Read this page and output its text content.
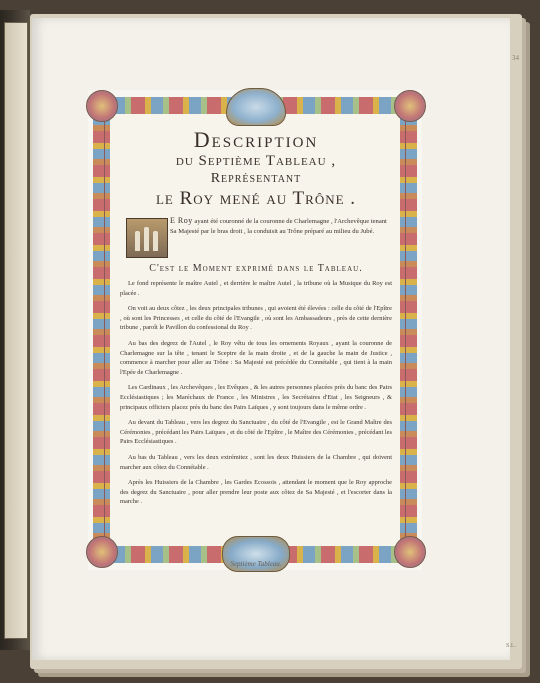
34
S.L.
Description
du Septième Tableau ,
Représentant
le Roy mené au Trône .
E Roy ayant été couronné de la couronne de Charlemagne , l'Archevêque tenant Sa Majesté par le bras droit , la conduisit au Trône préparé au milieu du Jubé.
C'est le Moment exprimé dans le Tableau.

Le fond représente le maître Autel , et derrière le maître Autel , la tribune où la Musique du Roy est placée .

On voit au deux côtez , les deux principales tribunes , qui avoient été élevées : celle du côté de l'Epître , où sont les Princesses , et celle du côté de l'Evangile , où sont les Ambassadeurs , près de cette dernière tribune , paroît le Pavillon du confessional du Roy .

Au bas des degrez de l'Autel , le Roy vêtu de tous les ornements Royaux , ayant la couronne de Charlemagne sur la tête , tenant le Sceptre de la main droite , et de la gauche la main de Justice , commence à marcher pour aller au Trône : Sa Majesté est précédée du Connétable , qui tient à la main l'Epée de Charlemagne .

Les Cardinaux , les Archevêques , les Evêques , & les autres personnes placées près du banc des Pairs Ecclésiastiques ; les Maréchaux de France , les Ministres , les Secrétaires d'Etat , les Seigneurs , & principaux officiers placez près du banc des Pairs Laïques , y sont toujours dans le même ordre .

Au devant du Tableau , vers les degrez du Sanctuaire , du côté de l'Evangile , est le Grand Maître des Cérémonies , précédant les Pairs Laïques , et du côté de l'Epître , le Maître des Cérémonies , précédant les Pairs Ecclésiastiques .

Au bas du Tableau , vers les deux extrémitez , sont les deux Huissiers de la Chambre , qui doivent marcher aux côtez du Connétable .

Après les Huissiers de la Chambre , les Gardes Ecossois , attendant le moment que le Roy approche des degrez du Sanctuaire , pour aller prendre leur poste aux côtez de Sa Majesté , et l'escorter dans la marche .

Septième Tableau.
